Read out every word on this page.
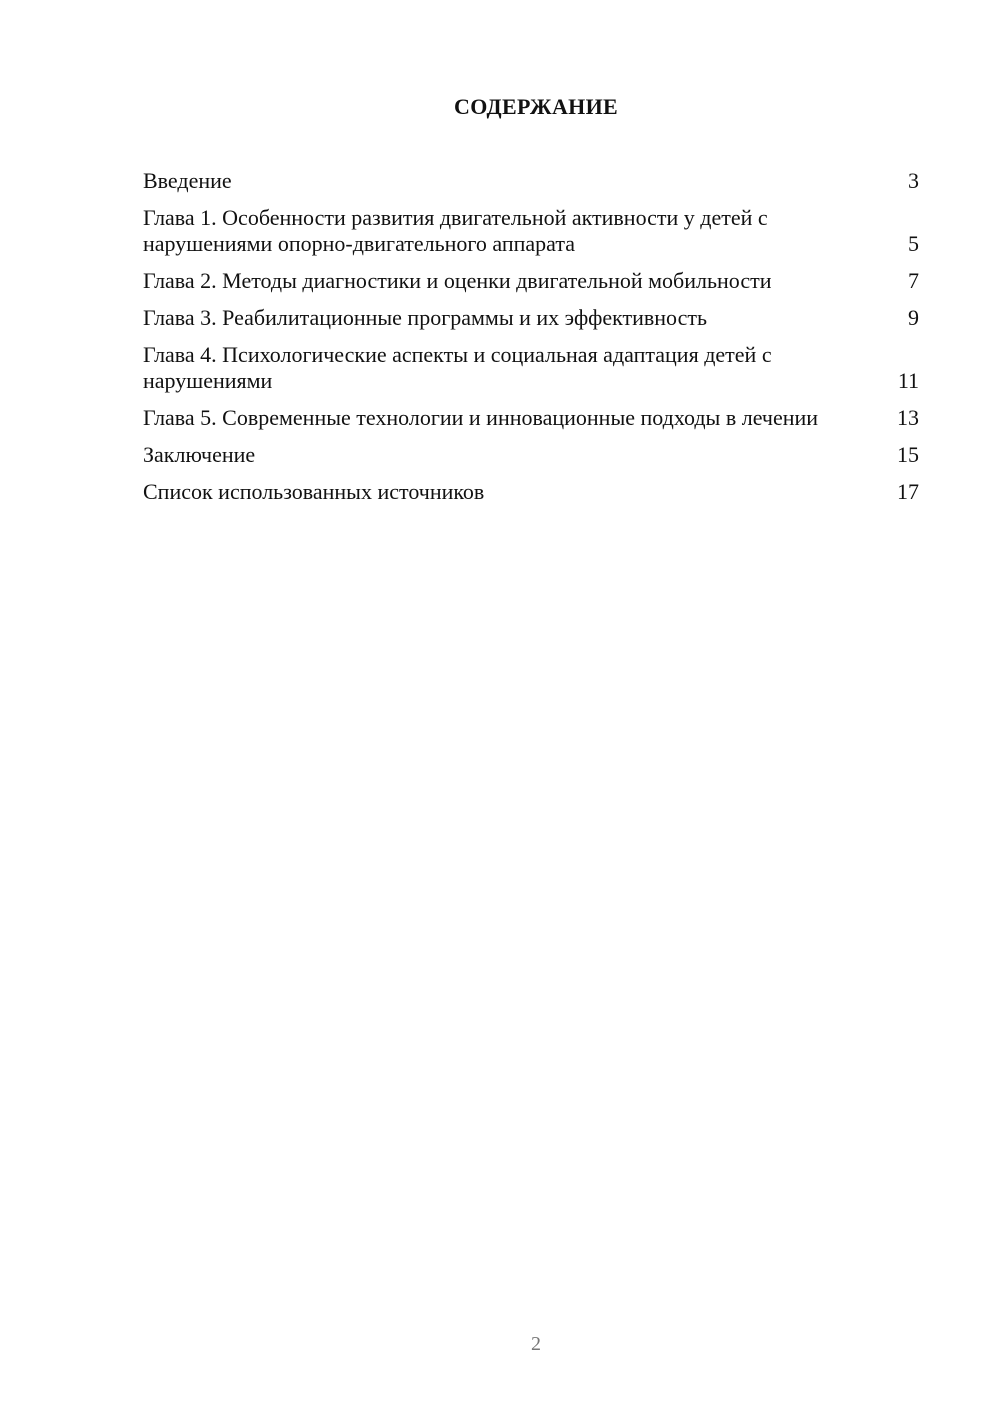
СОДЕРЖАНИЕ
Введение	3
Глава 1. Особенности развития двигательной активности у детей с нарушениями опорно-двигательного аппарата	5
Глава 2. Методы диагностики и оценки двигательной мобильности	7
Глава 3. Реабилитационные программы и их эффективность	9
Глава 4. Психологические аспекты и социальная адаптация детей с нарушениями	11
Глава 5. Современные технологии и инновационные подходы в лечении	13
Заключение	15
Список использованных источников	17
2
